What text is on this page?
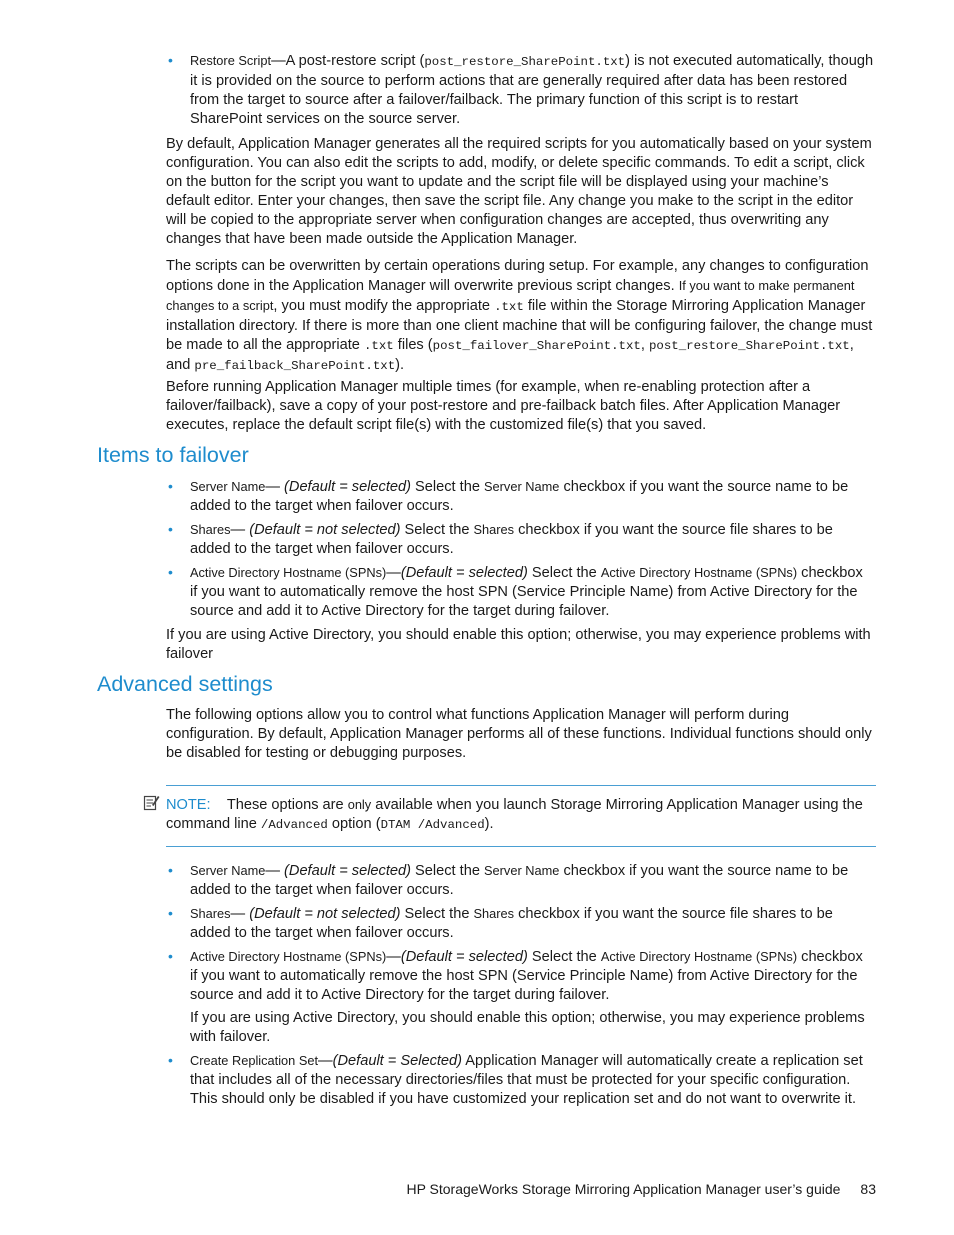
• Restore Script—A post-restore script (post_restore_SharePoint.txt) is not executed automatically, though it is provided on the source to perform actions that are generally required after data has been restored from the target to source after a failover/failback. The primary function of this script is to restart SharePoint services on the source server.

By default, Application Manager generates all the required scripts for you automatically based on your system configuration. You can also edit the scripts to add, modify, or delete specific commands. To edit a script, click on the button for the script you want to update and the script file will be displayed using your machine’s default editor. Enter your changes, then save the script file. Any change you make to the script in the editor will be copied to the appropriate server when configuration changes are accepted, thus overwriting any changes that have been made outside the Application Manager.

The scripts can be overwritten by certain operations during setup. For example, any changes to configuration options done in the Application Manager will overwrite previous script changes. If you want to make permanent changes to a script, you must modify the appropriate .txt file within the Storage Mirroring Application Manager installation directory. If there is more than one client machine that will be configuring failover, the change must be made to all the appropriate .txt files (post_failover_SharePoint.txt, post_restore_SharePoint.txt, and pre_failback_SharePoint.txt).

Before running Application Manager multiple times (for example, when re-enabling protection after a failover/failback), save a copy of your post-restore and pre-failback batch files. After Application Manager executes, replace the default script file(s) with the customized file(s) that you saved.

Items to failover
• Server Name— (Default = selected) Select the Server Name checkbox if you want the source name to be added to the target when failover occurs.
• Shares— (Default = not selected) Select the Shares checkbox if you want the source file shares to be added to the target when failover occurs.
• Active Directory Hostname (SPNs)—(Default = selected) Select the Active Directory Hostname (SPNs) checkbox if you want to automatically remove the host SPN (Service Principle Name) from Active Directory for the source and add it to Active Directory for the target during failover.

If you are using Active Directory, you should enable this option; otherwise, you may experience problems with failover

Advanced settings

The following options allow you to control what functions Application Manager will perform during configuration. By default, Application Manager performs all of these functions. Individual functions should only be disabled for testing or debugging purposes.

NOTE: These options are only available when you launch Storage Mirroring Application Manager using the command line /Advanced option (DTAM /Advanced).

• Server Name— (Default = selected) Select the Server Name checkbox if you want the source name to be added to the target when failover occurs.
• Shares— (Default = not selected) Select the Shares checkbox if you want the source file shares to be added to the target when failover occurs.
• Active Directory Hostname (SPNs)—(Default = selected) Select the Active Directory Hostname (SPNs) checkbox if you want to automatically remove the host SPN (Service Principle Name) from Active Directory for the source and add it to Active Directory for the target during failover.
If you are using Active Directory, you should enable this option; otherwise, you may experience problems with failover.
• Create Replication Set—(Default = Selected) Application Manager will automatically create a replication set that includes all of the necessary directories/files that must be protected for your specific configuration. This should only be disabled if you have customized your replication set and do not want to overwrite it.
HP StorageWorks Storage Mirroring Application Manager user’s guide 83
